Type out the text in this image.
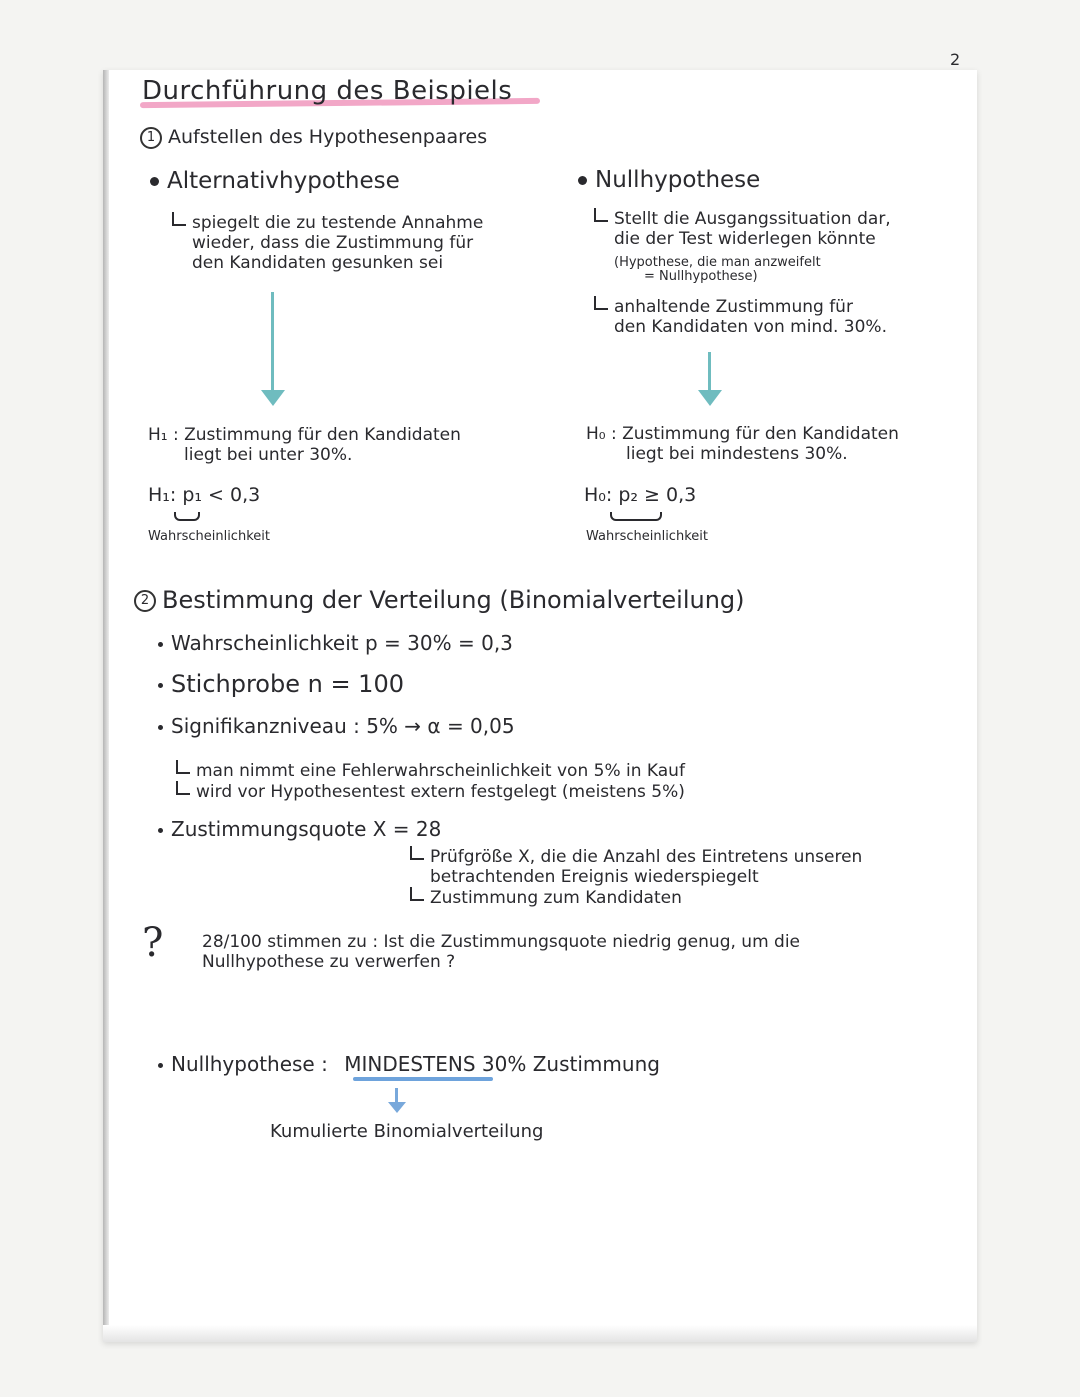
2
Durchführung des Beispiels
1 Aufstellen des Hypothesenpaares
Alternativhypothese
spiegelt die zu testende Annahme
wieder, dass die Zustimmung für
den Kandidaten gesunken sei
H₁ : Zustimmung für den Kandidaten
liegt bei unter 30%.
H₁: p₁ < 0,3
Wahrscheinlichkeit
Nullhypothese
Stellt die Ausgangssituation dar,
die der Test widerlegen könnte
(Hypothese, die man anzweifelt
= Nullhypothese)
anhaltende Zustimmung für
den Kandidaten von mind. 30%.
H₀ : Zustimmung für den Kandidaten
liegt bei mindestens 30%.
H₀: p₂ ≥ 0,3
Wahrscheinlichkeit
2 Bestimmung der Verteilung (Binomialverteilung)
Wahrscheinlichkeit p = 30% = 0,3
Stichprobe n = 100
Signifikanzniveau : 5% → α = 0,05
man nimmt eine Fehlerwahrscheinlichkeit von 5% in Kauf
wird vor Hypothesentest extern festgelegt (meistens 5%)
Zustimmungsquote X = 28
Prüfgröße X, die die Anzahl des Eintretens unseren
betrachtenden Ereignis wiederspiegelt
Zustimmung zum Kandidaten
? 28/100 stimmen zu : Ist die Zustimmungsquote niedrig genug, um die
Nullhypothese zu verwerfen ?
Nullhypothese : MINDESTENS 30% Zustimmung
Kumulierte Binomialverteilung
